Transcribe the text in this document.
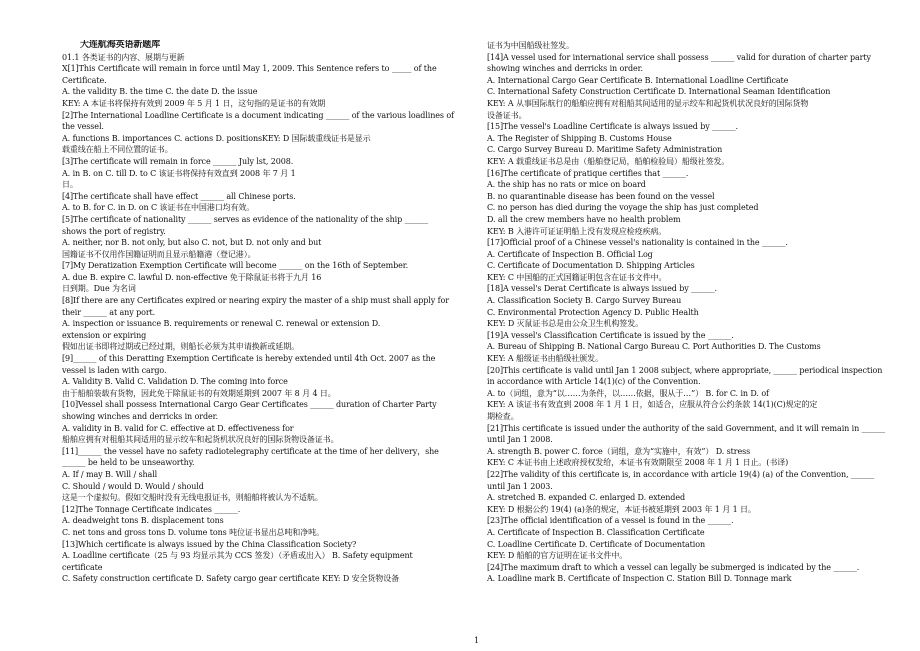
大连航海英语新题库
01.1 各类证书的内容、展期与更新
X[1]This Certificate will remain in force until May 1, 2009. This Sentence refers to _____ of the
Certificate.
A. the validity B. the time C. the date D. the issue
KEY: A 本证书将保持有效到 2009 年 5 月 1 日，这句指的是证书的有效期
[2]The International Loadline Certificate is a document indicating ______ of the various loadlines of
the vessel.
A. functions B. importances C. actions D. positionsKEY: D 国际载重线证书是显示
载重线在船上不同位置的证书。
[3]The certificate will remain in force ______ July lst, 2008.
A. in B. on C. till D. to C 该证书将保持有效直到 2008 年 7 月 1
日。
[4]The certificate shall have effect ______ all Chinese ports.
A. to B. for C. in D. on C 该证书在中国港口均有效。
[5]The certificate of nationality ______ serves as evidence of the nationality of the ship ______
shows the port of registry.
A. neither, nor B. not only, but also C. not, but D. not only and but
国籍证书不仅用作国籍证明而且显示船籍港（登记港）。
[7]My Deratization Exemption Certificate will become ______ on the 16th of September.
A. due B. expire C. lawful D. non-effective 免于除鼠证书将于九月 16
日到期。Due 为名词
[8]If there are any Certificates expired or nearing expiry the master of a ship must shall apply for
their ______ at any port.
A. inspection or issuance B. requirements or renewal C. renewal or extension D.
extension or expiring
假如出证书即将过期或已经过期，则船长必须为其申请换新或延期。
[9]______ of this Deratting Exemption Certificate is hereby extended until 4th Oct. 2007 as the
vessel is laden with cargo.
A. Validity B. Valid C. Validation D. The coming into force
由于船舶装载有货物，因此免于除鼠证书的有效期延期到 2007 年 8 月 4 日。
[10]Vessel shall possess International Cargo Gear Certificates ______ duration of Charter Party
showing winches and derricks in order.
A. validity in B. valid for C. effective at D. effectiveness for
船舶应拥有对租船其间适用的显示绞车和起货机状况良好的国际货物设备证书。
[11]______ the vessel have no safety radiotelegraphy certificate at the time of her delivery，she
______ be held to be unseaworthy.
A. If / may B. Will / shall
C. Should / would D. Would / should
这是一个虚拟句。假如交船时没有无线电报证书，则船舶将被认为不适航。
[12]The Tonnage Certificate indicates ______.
A. deadweight tons B. displacement tons
C. net tons and gross tons D. volume tons 吨位证书显出总吨和净吨。
[13]Which certificate is always issued by the China Classification Society?
A. Loadline certificate（25 与 93 均显示其为 CCS 签发）（矛盾或出入） B. Safety equipment
certificate
C. Safety construction certificate D. Safety cargo gear certificate KEY: D 安全货物设备
证书为中国船级社签发。
[14]A vessel used for international service shall possess ______ valid for duration of charter party
showing winches and derricks in order.
A. International Cargo Gear Certificate B. International Loadline Certificate
C. International Safety Construction Certificate D. International Seaman Identification
KEY: A 从事国际航行的船舶应拥有对租船其间适用的显示绞车和起货机状况良好的国际货物
设备证书。
[15]The vessel's Loadline Certificate is always issued by ______.
A. The Register of Shipping B. Customs House
C. Cargo Survey Bureau D. Maritime Safety Administration
KEY: A 载重线证书总是由（船舶登记局，船舶检验局）船级社签发。
[16]The certificate of pratique certifies that ______.
A. the ship has no rats or mice on board
B. no quarantinable disease has been found on the vessel
C. no person has died during the voyage the ship has just completed
D. all the crew members have no health problem
KEY: B 入港许可证证明船上没有发现应检疫疾病。
[17]Official proof of a Chinese vessel's nationality is contained in the ______.
A. Certificate of Inspection B. Official Log
C. Certificate of Documentation D. Shipping Articles
KEY: C 中国船的正式国籍证明包含在证书文件中。
[18]A vessel's Derat Certificate is always issued by ______.
A. Classification Society B. Cargo Survey Bureau
C. Environmental Protection Agency D. Public Health
KEY: D 灭鼠证书总是由公众卫生机构签发。
[19]A vessel's Classification Certificate is issued by the ______.
A. Bureau of Shipping B. National Cargo Bureau C. Port Authorities D. The Customs
KEY: A 船级证书由船级社颁发。
[20]This certificate is valid until Jan 1 2008 subject, where appropriate, ______ periodical inspection
in accordance with Article 14(1)(c) of the Convention.
A. to（词组，意为“以……为条件，以……依据，服从于…”） B. for C. in D. of
KEY: A 该证书有效直到 2008 年 1 月 1 日，如适合，应服从符合公约条款 14(1)(C)规定的定
期检查。
[21]This certificate is issued under the authority of the said Government, and it will remain in ______
until Jan 1 2008.
A. strength B. power C. force（词组，意为“实施中，有效”） D. stress
KEY: C 本证书由上述政府授权发给，本证书有效期限至 2008 年 1 月 1 日止。(书译)
[22]The validity of this certificate is, in accordance with article 19(4) (a) of the Convention, ______
until Jan 1 2003.
A. stretched B. expanded C. enlarged D. extended
KEY: D 根据公约 19(4) (a)条的规定，本证书被延期到 2003 年 1 月 1 日。
[23]The official identification of a vessel is found in the ______.
A. Certificate of Inspection B. Classification Certificate
C. Loadline Certificate D. Certificate of Documentation
KEY: D 船舶的官方证明在证书文件中。
[24]The maximum draft to which a vessel can legally be submerged is indicated by the ______.
A. Loadline mark B. Certificate of Inspection C. Station Bill D. Tonnage mark
1
